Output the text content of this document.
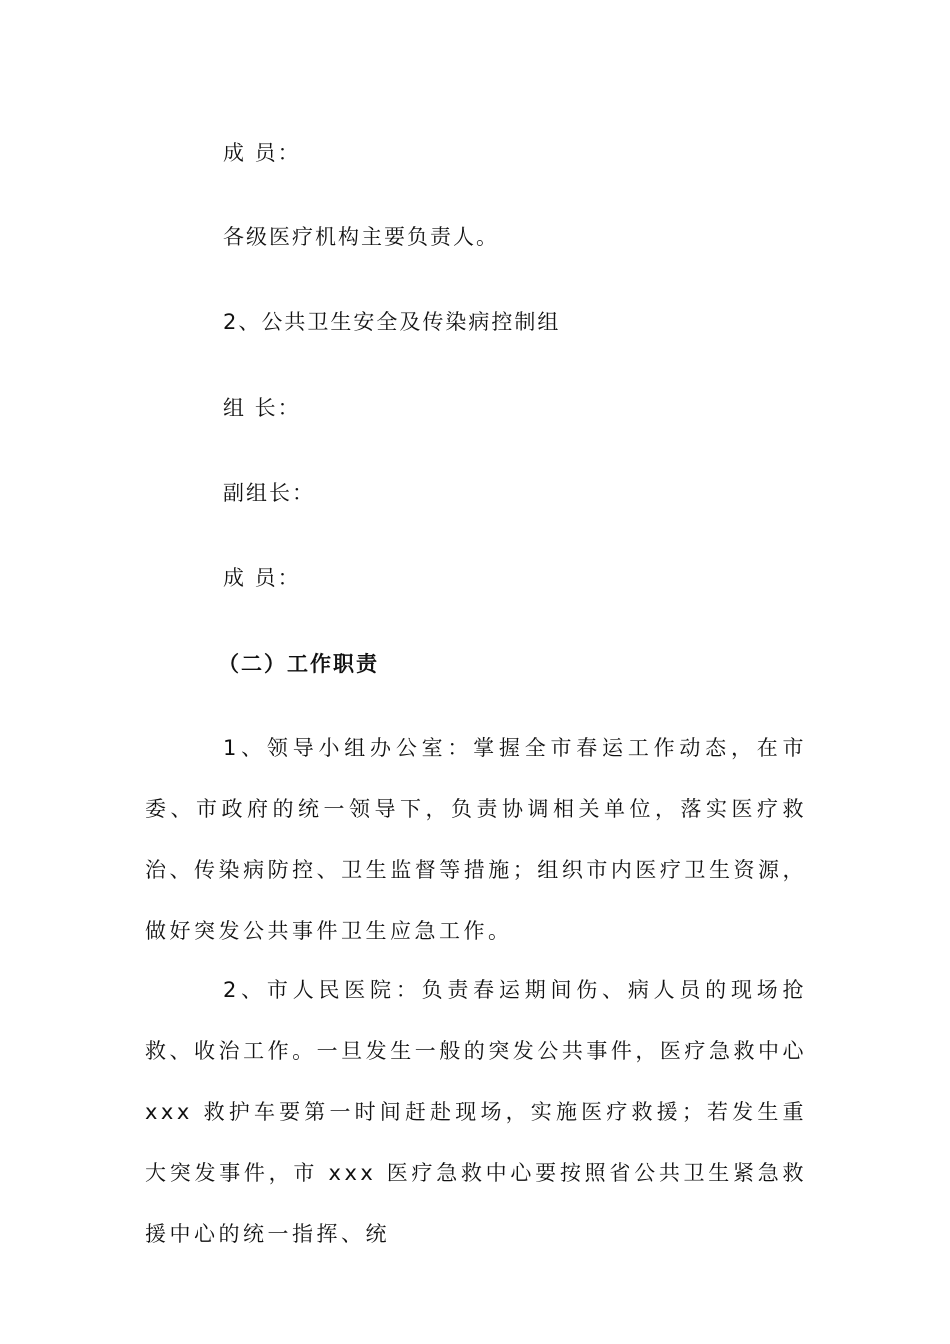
成 员：
各级医疗机构主要负责人。
2、公共卫生安全及传染病控制组
组 长：
副组长：
成 员：
（二）工作职责
1、领导小组办公室：掌握全市春运工作动态，在市委、市政府的统一领导下，负责协调相关单位，落实医疗救治、传染病防控、卫生监督等措施；组织市内医疗卫生资源，做好突发公共事件卫生应急工作。
2、市人民医院：负责春运期间伤、病人员的现场抢救、收治工作。一旦发生一般的突发公共事件，医疗急救中心 xxx 救护车要第一时间赶赴现场，实施医疗救援；若发生重大突发事件，市 xxx 医疗急救中心要按照省公共卫生紧急救援中心的统一指挥、统
